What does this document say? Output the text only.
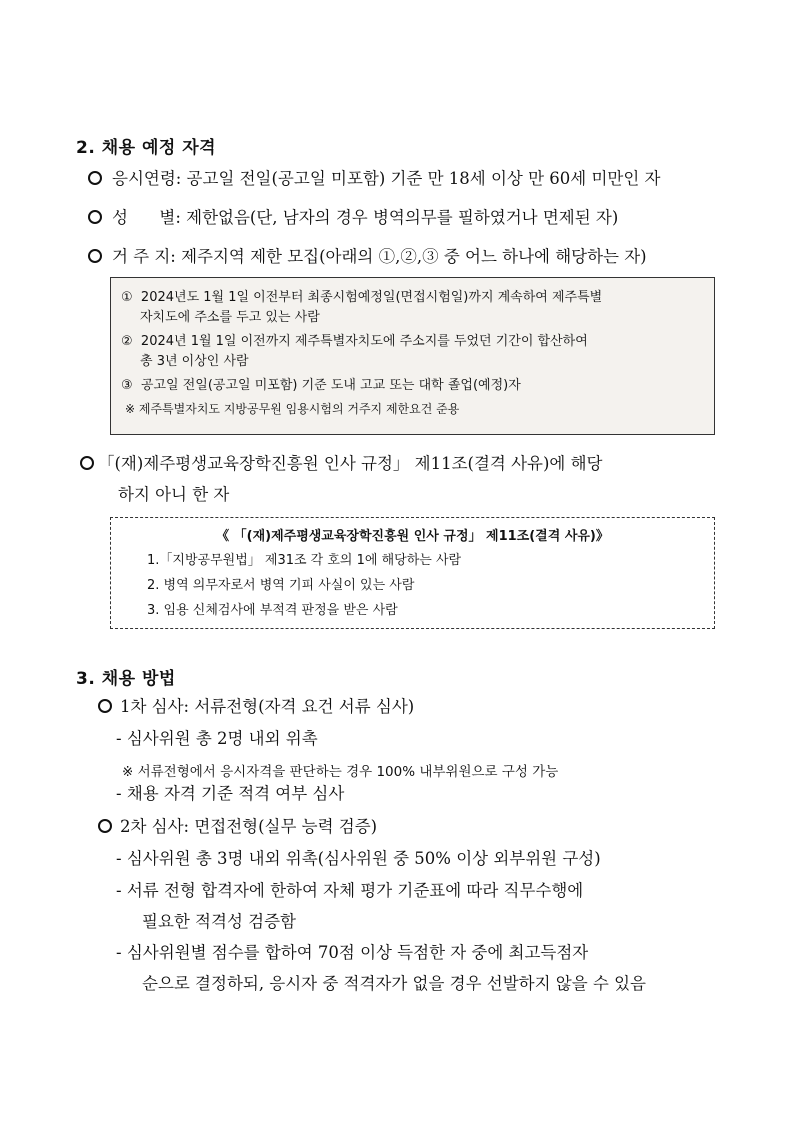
2. 채용 예정 자격
응시연령: 공고일 전일(공고일 미포함) 기준 만 18세 이상 만 60세 미만인 자
성      별: 제한없음(단, 남자의 경우 병역의무를 필하였거나 면제된 자)
거 주 지: 제주지역 제한 모집(아래의 ①,②,③ 중 어느 하나에 해당하는 자)
① 2024년도 1월 1일 이전부터 최종시험예정일(면접시험일)까지 계속하여 제주특별
자치도에 주소를 두고 있는 사람
② 2024년 1월 1일 이전까지 제주특별자치도에 주소지를 두었던 기간이 합산하여
총 3년 이상인 사람
③ 공고일 전일(공고일 미포함) 기준 도내 고교 또는 대학 졸업(예정)자
※ 제주특별자치도 지방공무원 임용시험의 거주지 제한요건 준용
「(재)제주평생교육장학진흥원 인사 규정」 제11조(결격 사유)에 해당
하지 아니 한 자
《 「(재)제주평생교육장학진흥원 인사 규정」 제11조(결격 사유)》
1.「지방공무원법」 제31조 각 호의 1에 해당하는 사람
2. 병역 의무자로서 병역 기피 사실이 있는 사람
3. 임용 신체검사에 부적격 판정을 받은 사람
3. 채용 방법
1차 심사: 서류전형(자격 요건 서류 심사)
- 심사위원 총 2명 내외 위촉
※ 서류전형에서 응시자격을 판단하는 경우 100% 내부위원으로 구성 가능
- 채용 자격 기준 적격 여부 심사
2차 심사: 면접전형(실무 능력 검증)
- 심사위원 총 3명 내외 위촉(심사위원 중 50% 이상 외부위원 구성)
- 서류 전형 합격자에 한하여 자체 평가 기준표에 따라 직무수행에
필요한 적격성 검증함
- 심사위원별 점수를 합하여 70점 이상 득점한 자 중에 최고득점자
순으로 결정하되, 응시자 중 적격자가 없을 경우 선발하지 않을 수 있음
